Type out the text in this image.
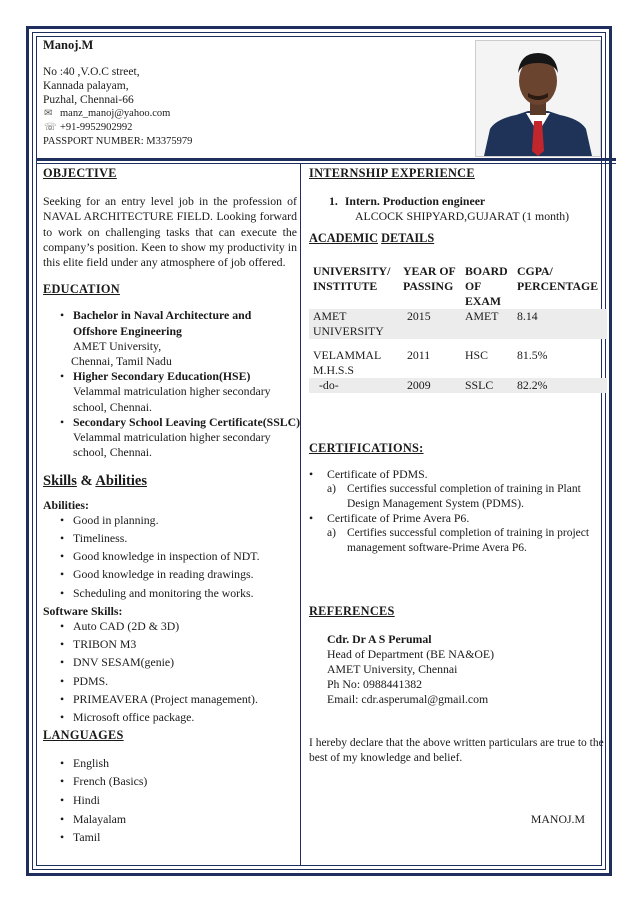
Manoj.M
No :40 ,V.O.C street,
Kannada palayam,
Puzhal, Chennai-66
✉ manz_manoj@yahoo.com
☏ +91-9952902992
PASSPORT NUMBER: M3375979
OBJECTIVE
Seeking for an entry level job in the profession of NAVAL ARCHITECTURE FIELD. Looking forward to work on challenging tasks that can execute the company’s position. Keen to show my productivity in this elite field under any atmosphere of job offered.
EDUCATION
• Bachelor in Naval Architecture and Offshore Engineering
AMET University,
Chennai, Tamil Nadu
• Higher Secondary Education(HSE)
Velammal matriculation higher secondary
school, Chennai.
• Secondary School Leaving Certificate(SSLC)
Velammal matriculation higher secondary
school, Chennai.
Skills & Abilities
Abilities:
• Good in planning.
• Timeliness.
• Good knowledge in inspection of NDT.
• Good knowledge in reading drawings.
• Scheduling and monitoring the works.
Software Skills:
• Auto CAD (2D & 3D)
• TRIBON M3
• DNV SESAM(genie)
• PDMS.
• PRIMEAVERA (Project management).
• Microsoft office package.
LANGUAGES
• English
• French (Basics)
• Hindi
• Malayalam
• Tamil
INTERNSHIP EXPERIENCE
1. Intern. Production engineer
ALCOCK SHIPYARD,GUJARAT (1 month)
ACADEMIC DETAILS
UNIVERSITY/ INSTITUTE	YEAR OF PASSING	BOARD OF EXAM	CGPA/ PERCENTAGE
AMET UNIVERSITY	2015	AMET	8.14
VELAMMAL M.H.S.S	2011	HSC	81.5%
-do-	2009	SSLC	82.2%
CERTIFICATIONS:
• Certificate of PDMS.
a) Certifies successful completion of training in Plant Design Management System (PDMS).
• Certificate of Prime Avera P6.
a) Certifies successful completion of training in project management software-Prime Avera P6.
REFERENCES
Cdr. Dr A S Perumal
Head of Department (BE NA&OE)
AMET University, Chennai
Ph No: 0988441382
Email: cdr.asperumal@gmail.com
I hereby declare that the above written particulars are true to the best of my knowledge and belief.
MANOJ.M
